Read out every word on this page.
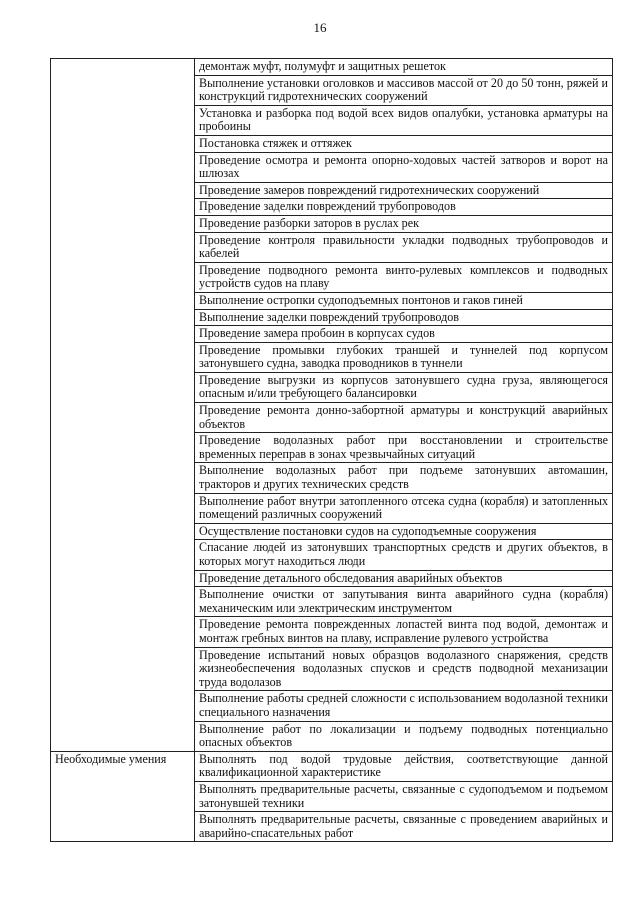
16
	демонтаж муфт, полумуфт и защитных решеток
	Выполнение установки оголовков и массивов массой от 20 до 50 тонн, ряжей и конструкций гидротехнических сооружений
	Установка и разборка под водой всех видов опалубки, установка арматуры на пробоины
	Постановка стяжек и оттяжек
	Проведение осмотра и ремонта опорно-ходовых частей затворов и ворот на шлюзах
	Проведение замеров повреждений гидротехнических сооружений
	Проведение заделки повреждений трубопроводов
	Проведение разборки заторов в руслах рек
	Проведение контроля правильности укладки подводных трубопроводов и кабелей
	Проведение подводного ремонта винто-рулевых комплексов и подводных устройств судов на плаву
	Выполнение остропки судоподъемных понтонов и гаков гиней
	Выполнение заделки повреждений трубопроводов
	Проведение замера пробоин в корпусах судов
	Проведение промывки глубоких траншей и туннелей под корпусом затонувшего судна, заводка проводников в туннели
	Проведение выгрузки из корпусов затонувшего судна груза, являющегося опасным и/или требующего балансировки
	Проведение ремонта донно-забортной арматуры и конструкций аварийных объектов
	Проведение водолазных работ при восстановлении и строительстве временных переправ в зонах чрезвычайных ситуаций
	Выполнение водолазных работ при подъеме затонувших автомашин, тракторов и других технических средств
	Выполнение работ внутри затопленного отсека судна (корабля) и затопленных помещений различных сооружений
	Осуществление постановки судов на судоподъемные сооружения
	Спасание людей из затонувших транспортных средств и других объектов, в которых могут находиться люди
	Проведение детального обследования аварийных объектов
	Выполнение очистки от запутывания винта аварийного судна (корабля) механическим или электрическим инструментом
	Проведение ремонта поврежденных лопастей винта под водой, демонтаж и монтаж гребных винтов на плаву, исправление рулевого устройства
	Проведение испытаний новых образцов водолазного снаряжения, средств жизнеобеспечения водолазных спусков и средств подводной механизации труда водолазов
	Выполнение работы средней сложности с использованием водолазной техники специального назначения
	Выполнение работ по локализации и подъему подводных потенциально опасных объектов
Необходимые умения	Выполнять под водой трудовые действия, соответствующие данной квалификационной характеристике
	Выполнять предварительные расчеты, связанные с судоподъемом и подъемом затонувшей техники
	Выполнять предварительные расчеты, связанные с проведением аварийных и аварийно-спасательных работ
